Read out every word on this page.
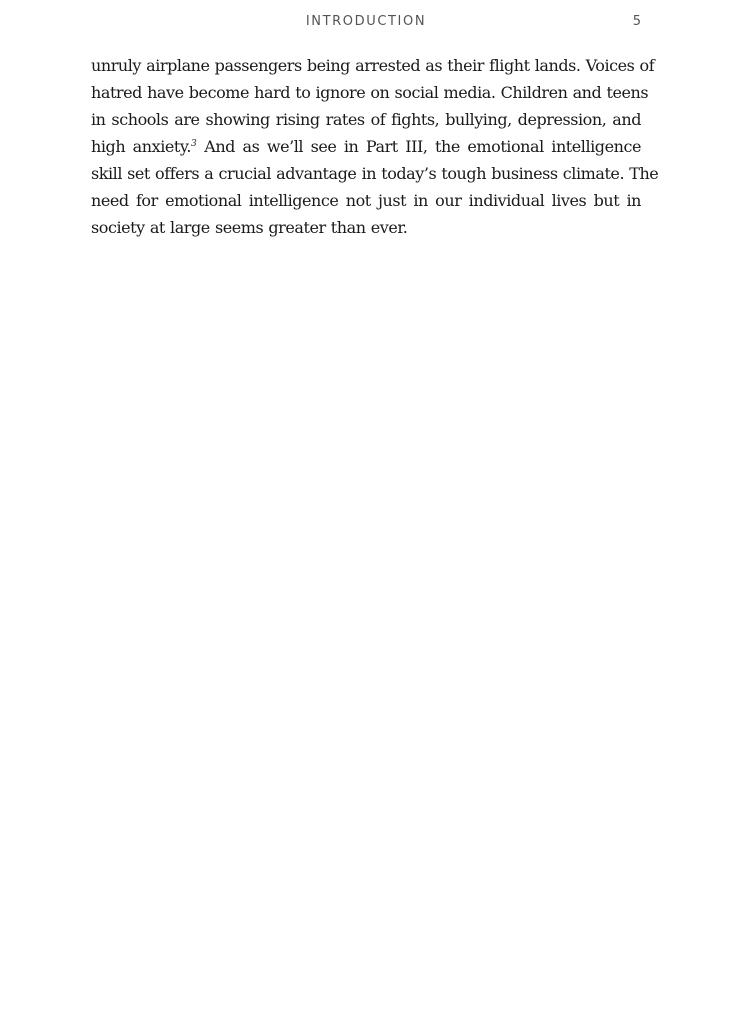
INTRODUCTION	5

unruly airplane passengers being arrested as their flight lands. Voices of
hatred have become hard to ignore on social media. Children and teens
in schools are showing rising rates of fights, bullying, depression, and
high anxiety.$^3$ And as we’ll see in Part III, the emotional intelligence
skill set offers a crucial advantage in today’s tough business climate. The
need for emotional intelligence not just in our individual lives but in
society at large seems greater than ever.
